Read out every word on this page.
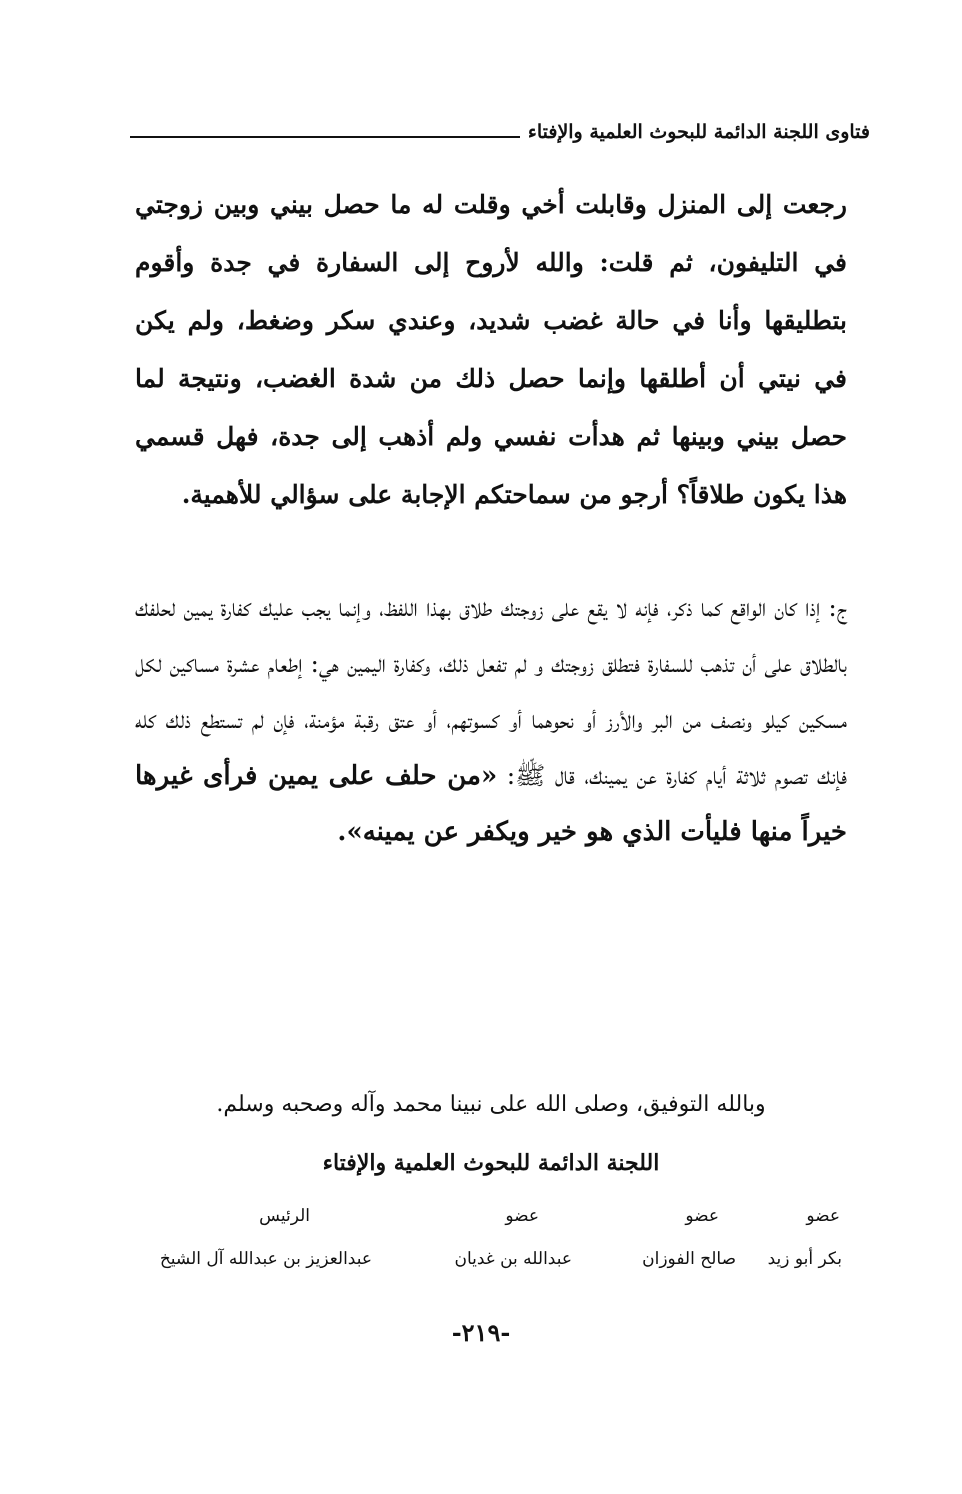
فتاوى اللجنة الدائمة للبحوث العلمية والإفتاء
رجعت إلى المنزل وقابلت أخي وقلت له ما حصل بيني وبين زوجتي في التليفون، ثم قلت: والله لأروح إلى السفارة في جدة وأقوم بتطليقها وأنا في حالة غضب شديد، وعندي سكر وضغط، ولم يكن في نيتي أن أطلقها وإنما حصل ذلك من شدة الغضب، ونتيجة لما حصل بيني وبينها ثم هدأت نفسي ولم أذهب إلى جدة، فهل قسمي هذا يكون طلاقاً؟ أرجو من سماحتكم الإجابة على سؤالي للأهمية.
ج: إذا كان الواقع كما ذكر، فإنه لا يقع على زوجتك طلاق بهذا اللفظ، وإنما يجب عليك كفارة يمين لحلفك بالطلاق على أن تذهب للسفارة فتطلق زوجتك و لم تفعل ذلك، وكفارة اليمين هي: إطعام عشرة مساكين لكل مسكين كيلو ونصف من البر والأرز أو نحوهما أو كسوتهم، أو عتق رقبة مؤمنة، فإن لم تستطع ذلك كله فإنك تصوم ثلاثة أيام كفارة عن يمينك، قال ﷺ: «من حلف على يمين فرأى غيرها خيراً منها فليأت الذي هو خير ويكفر عن يمينه».
وبالله التوفيق، وصلى الله على نبينا محمد وآله وصحبه وسلم.
اللجنة الدائمة للبحوث العلمية والإفتاء
عضو
عضو
عضو
الرئيس
بكر أبو زيد
صالح الفوزان
عبدالله بن غديان
عبدالعزيز بن عبدالله آل الشيخ
-٢١٩-
